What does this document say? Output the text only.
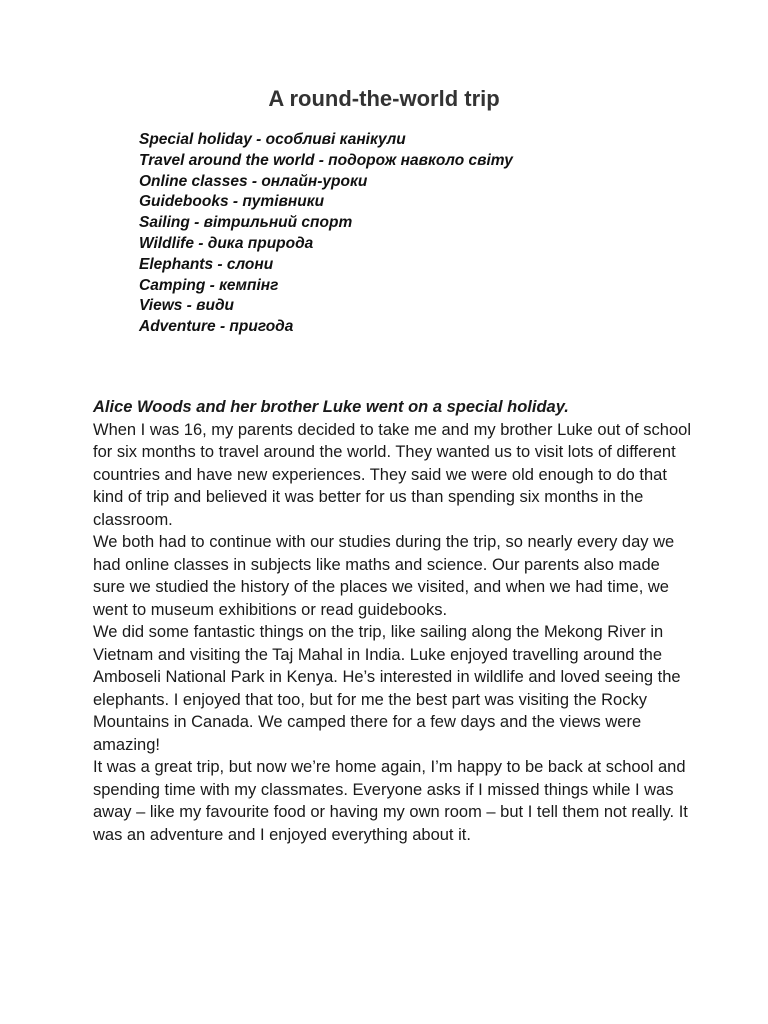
A round-the-world trip
Special holiday - особливі канікули
Travel around the world - подорож навколо світу
Online classes - онлайн-уроки
Guidebooks - путівники
Sailing - вітрильний спорт
Wildlife - дика природа
Elephants - слони
Camping - кемпінг
Views - види
Adventure - пригода

Alice Woods and her brother Luke went on a special holiday.

When I was 16, my parents decided to take me and my brother Luke out of school for six months to travel around the world. They wanted us to visit lots of different countries and have new experiences. They said we were old enough to do that kind of trip and believed it was better for us than spending six months in the classroom.

We both had to continue with our studies during the trip, so nearly every day we had online classes in subjects like maths and science. Our parents also made sure we studied the history of the places we visited, and when we had time, we went to museum exhibitions or read guidebooks.

We did some fantastic things on the trip, like sailing along the Mekong River in Vietnam and visiting the Taj Mahal in India. Luke enjoyed travelling around the Amboseli National Park in Kenya. He’s interested in wildlife and loved seeing the elephants. I enjoyed that too, but for me the best part was visiting the Rocky Mountains in Canada. We camped there for a few days and the views were amazing!

It was a great trip, but now we’re home again, I’m happy to be back at school and spending time with my classmates. Everyone asks if I missed things while I was away – like my favourite food or having my own room – but I tell them not really. It was an adventure and I enjoyed everything about it.
